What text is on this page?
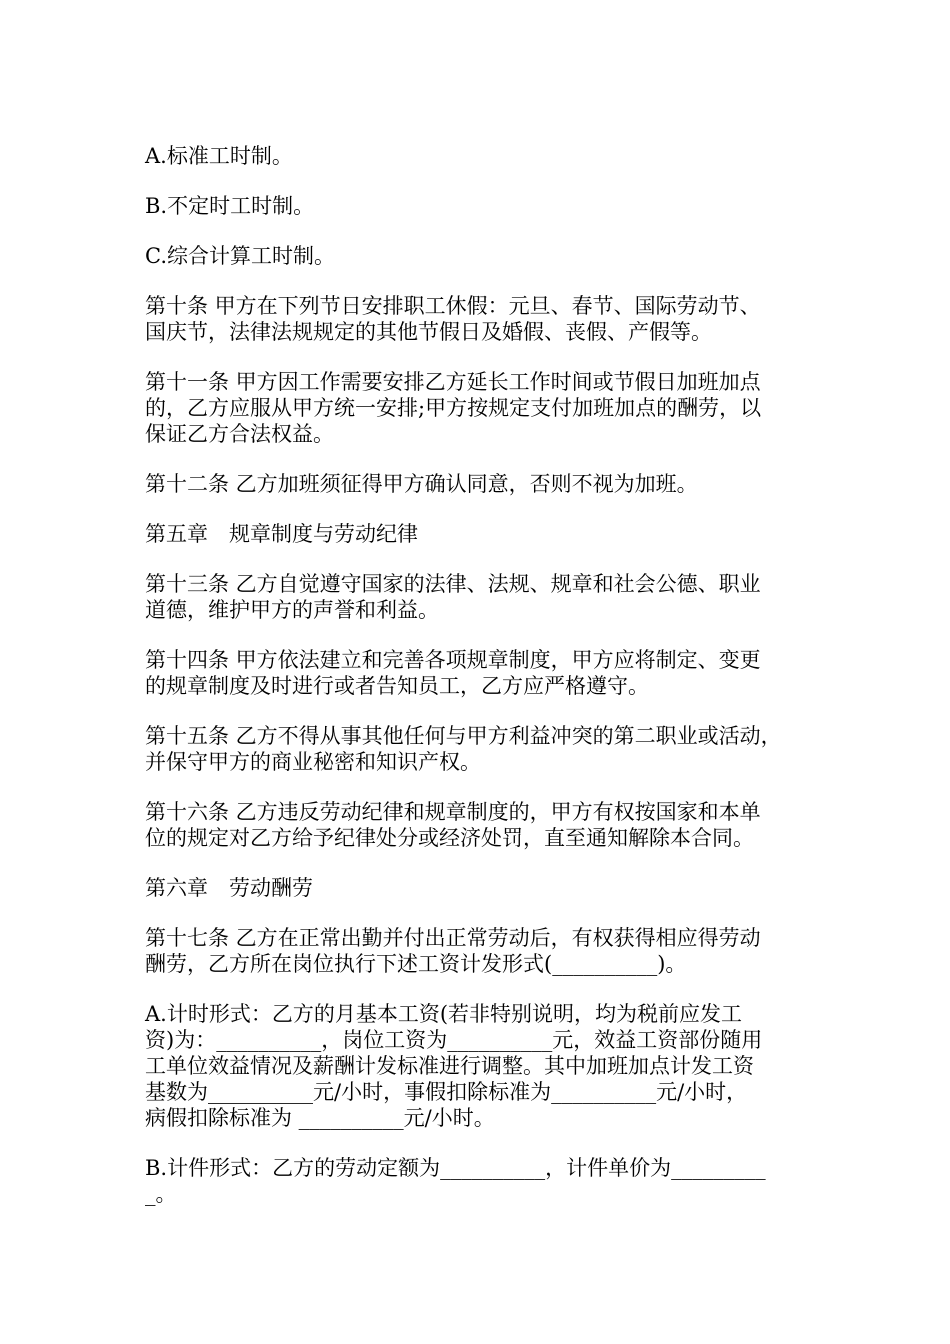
A.标准工时制。
B.不定时工时制。
C.综合计算工时制。
第十条 甲方在下列节日安排职工休假：元旦、春节、国际劳动节、
国庆节，法律法规规定的其他节假日及婚假、丧假、产假等。
第十一条 甲方因工作需要安排乙方延长工作时间或节假日加班加点
的，乙方应服从甲方统一安排;甲方按规定支付加班加点的酬劳，以
保证乙方合法权益。
第十二条 乙方加班须征得甲方确认同意，否则不视为加班。
第五章　规章制度与劳动纪律
第十三条 乙方自觉遵守国家的法律、法规、规章和社会公德、职业
道德，维护甲方的声誉和利益。
第十四条 甲方依法建立和完善各项规章制度，甲方应将制定、变更
的规章制度及时进行或者告知员工，乙方应严格遵守。
第十五条 乙方不得从事其他任何与甲方利益冲突的第二职业或活动，
并保守甲方的商业秘密和知识产权。
第十六条 乙方违反劳动纪律和规章制度的，甲方有权按国家和本单
位的规定对乙方给予纪律处分或经济处罚，直至通知解除本合同。
第六章　劳动酬劳
第十七条 乙方在正常出勤并付出正常劳动后，有权获得相应得劳动
酬劳，乙方所在岗位执行下述工资计发形式(__________)。
A.计时形式：乙方的月基本工资(若非特别说明，均为税前应发工
资)为：__________，岗位工资为__________元，效益工资部份随用
工单位效益情况及薪酬计发标准进行调整。其中加班加点计发工资
基数为__________元/小时，事假扣除标准为__________元/小时，
病假扣除标准为 __________元/小时。
B.计件形式：乙方的劳动定额为__________，计件单价为_________
_。
